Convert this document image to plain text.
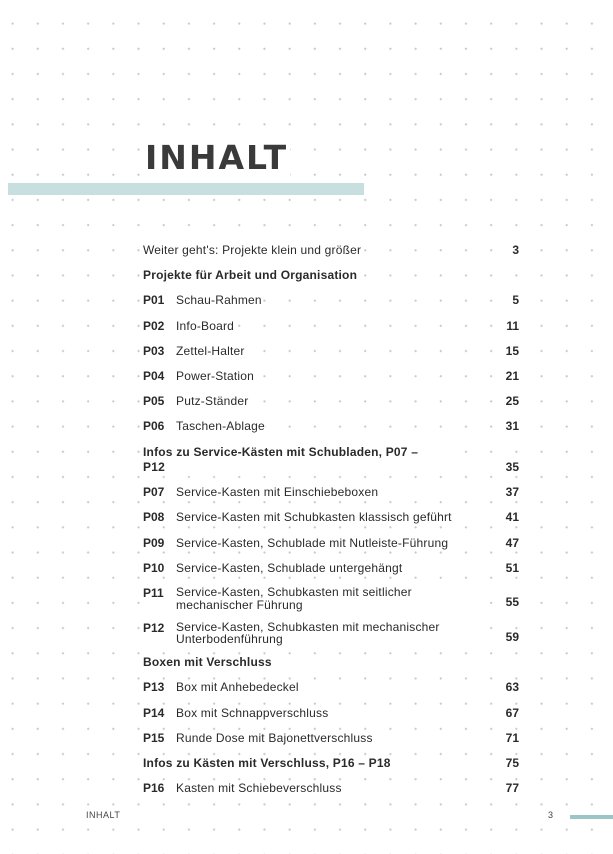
INHALT
Weiter geht's: Projekte klein und größer	3
Projekte für Arbeit und Organisation
P01 Schau-Rahmen	5
P02 Info-Board	11
P03 Zettel-Halter	15
P04 Power-Station	21
P05 Putz-Ständer	25
P06 Taschen-Ablage	31
Infos zu Service-Kästen mit Schubladen, P07 – P12	35
P07 Service-Kasten mit Einschiebeboxen	37
P08 Service-Kasten mit Schubkasten klassisch geführt	41
P09 Service-Kasten, Schublade mit Nutleiste-Führung	47
P10 Service-Kasten, Schublade untergehängt	51
P11 Service-Kasten, Schubkasten mit seitlicher mechanischer Führung	55
P12 Service-Kasten, Schubkasten mit mechanischer Unterbodenführung	59
Boxen mit Verschluss
P13 Box mit Anhebedeckel	63
P14 Box mit Schnappverschluss	67
P15 Runde Dose mit Bajonettverschluss	71
Infos zu Kästen mit Verschluss, P16 – P18	75
P16 Kasten mit Schiebeverschluss	77
INHALT	3
